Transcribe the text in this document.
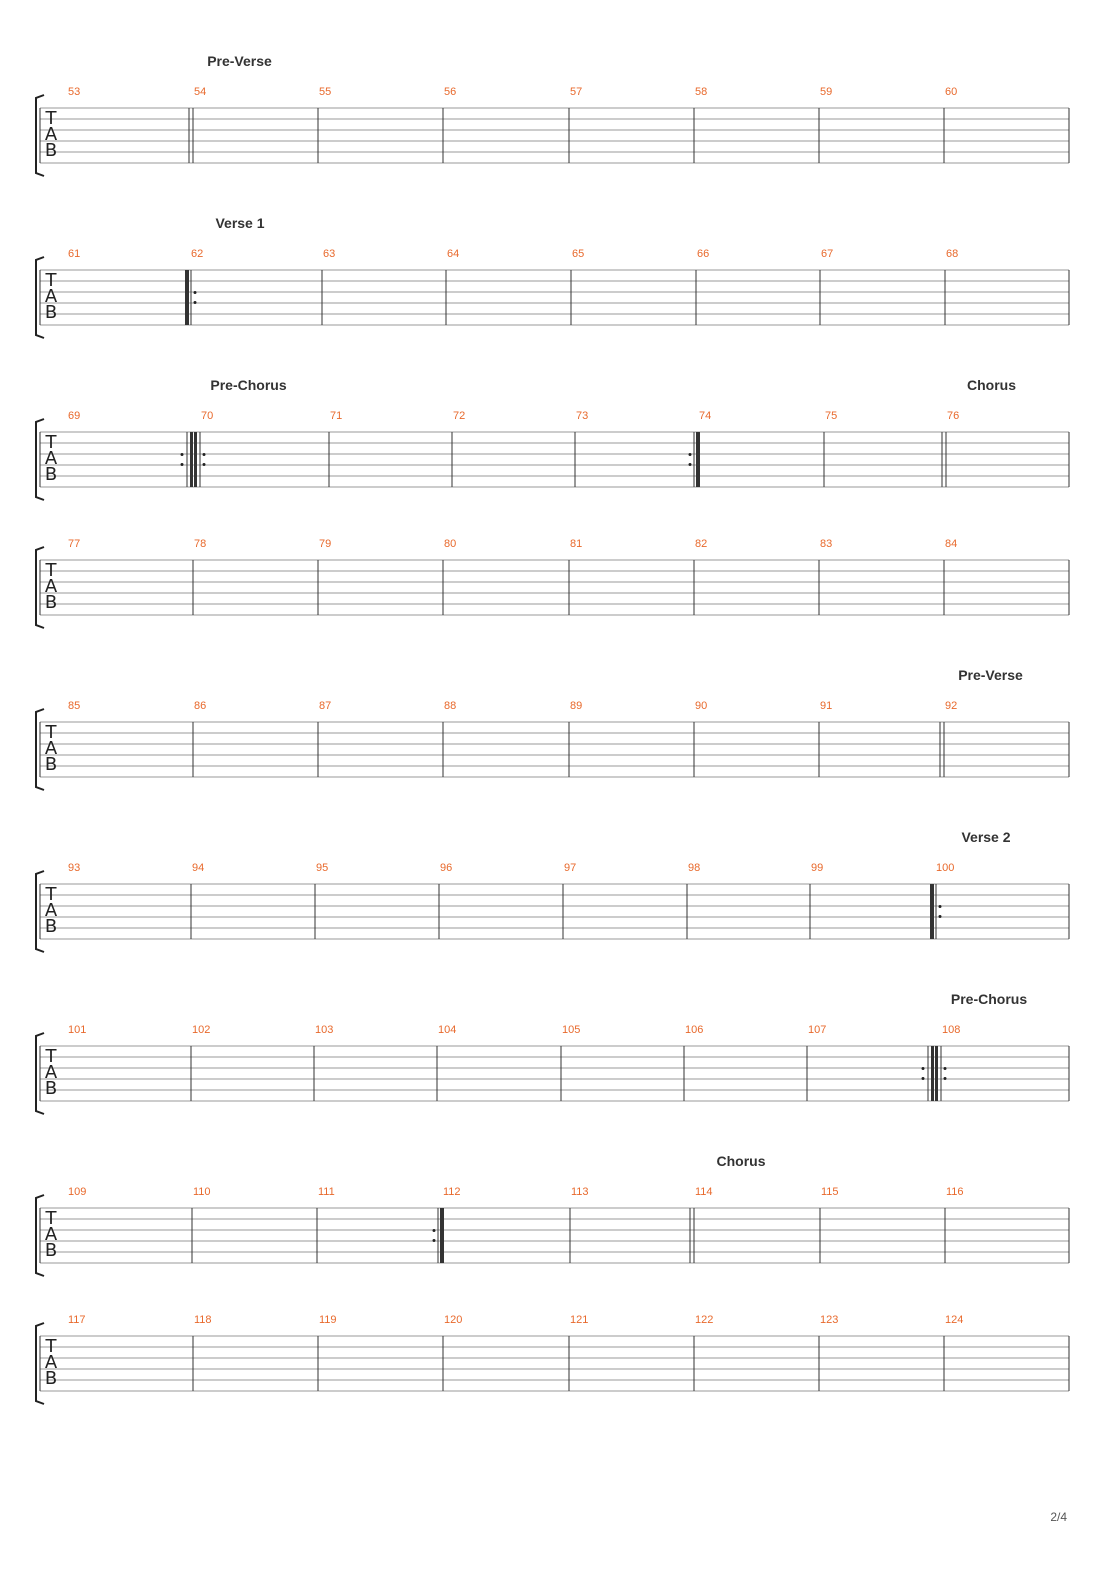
T
A
B
53	54	55	56	57	58	59	60
Pre-Verse
T
A
B
61	62	63	64	65	66	67	68
Verse 1
T
A
B
69	70	71	72	73	74	75	76
Pre-Chorus	Chorus
T
A
B
77	78	79	80	81	82	83	84
T
A
B
85	86	87	88	89	90	91	92
Pre-Verse
T
A
B
93	94	95	96	97	98	99	100
Verse 2
T
A
B
101	102	103	104	105	106	107	108
Pre-Chorus
T
A
B
109	110	111	112	113	114	115	116
Chorus
T
A
B
117	118	119	120	121	122	123	124
2/4
